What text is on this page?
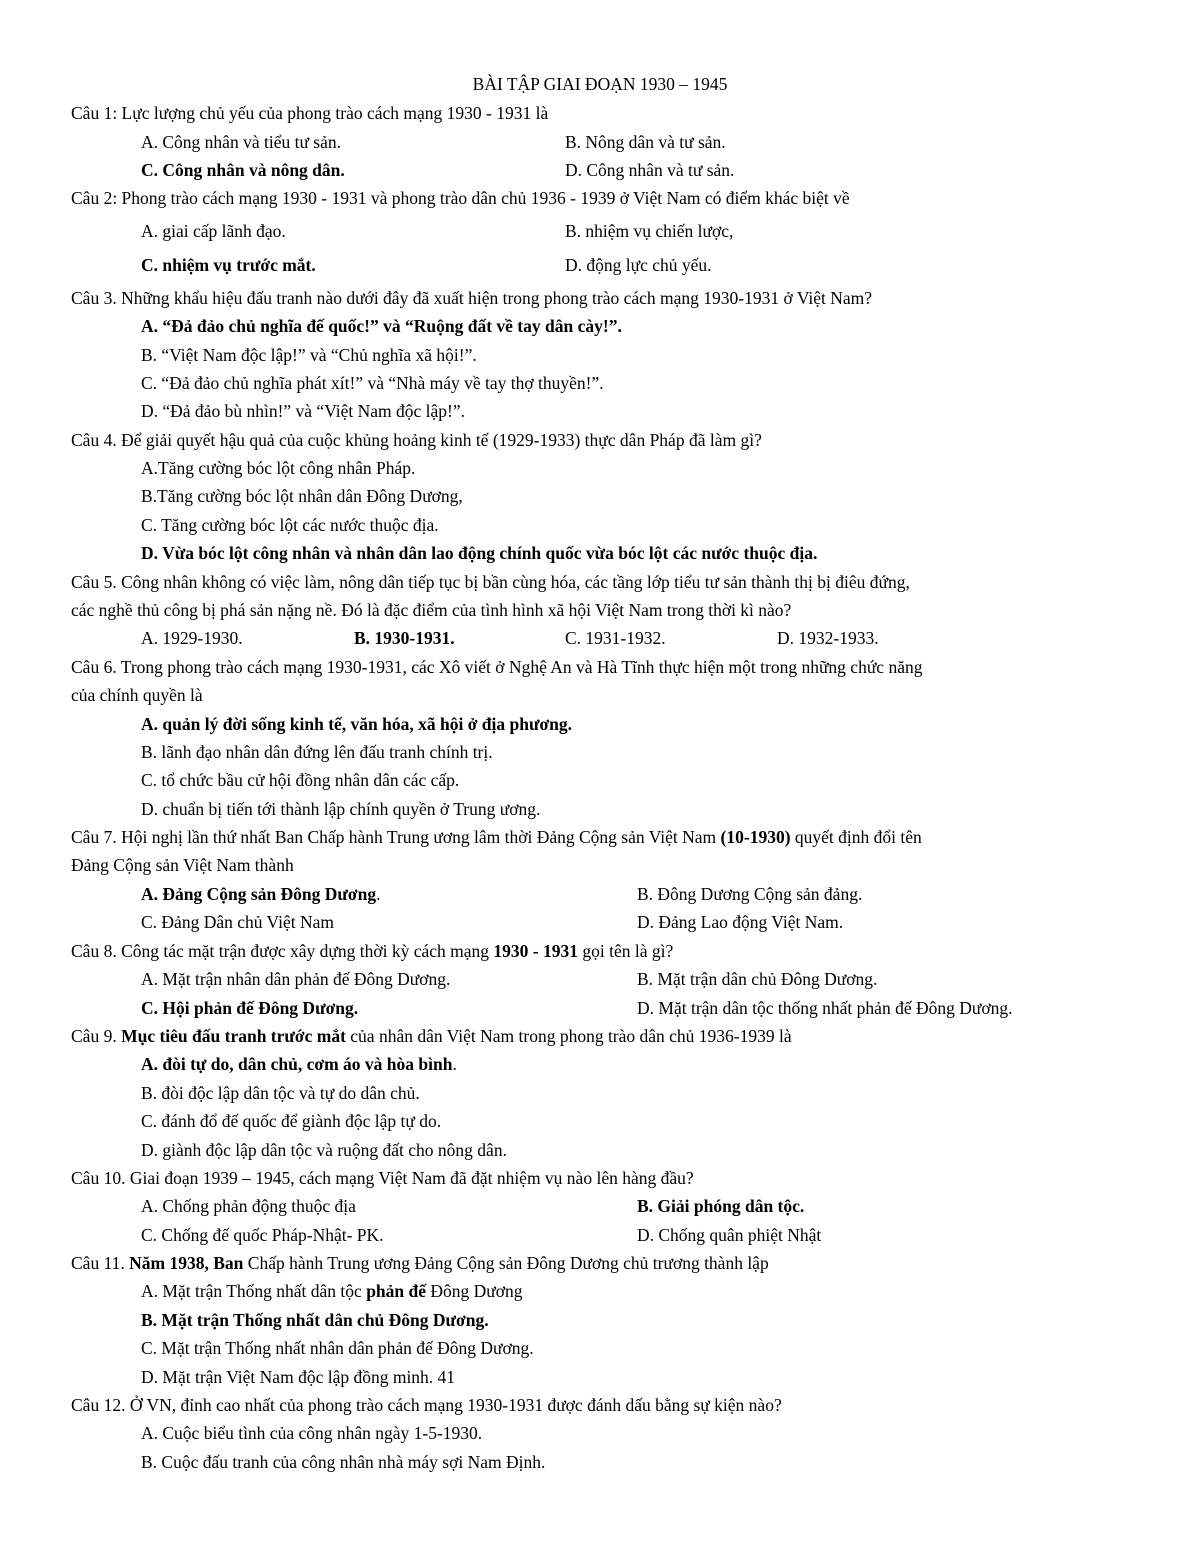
BÀI TẬP GIAI ĐOẠN 1930 – 1945
Câu 1: Lực lượng chủ yếu của phong trào cách mạng 1930 - 1931 là
A. Công nhân và tiểu tư sản.	B. Nông dân và tư sản.
C. Công nhân và nông dân.	D. Công nhân và tư sản.
Câu 2: Phong trào cách mạng 1930 - 1931 và phong trào dân chủ 1936 - 1939 ở Việt Nam có điểm khác biệt về
A. giai cấp lãnh đạo.	B. nhiệm vụ chiến lược,
C. nhiệm vụ trước mắt.	D. động lực chủ yếu.
Câu 3. Những khẩu hiệu đấu tranh nào dưới đây đã xuất hiện trong phong trào cách mạng 1930-1931 ở Việt Nam?
A. “Đả đảo chủ nghĩa đế quốc!” và “Ruộng đất về tay dân cày!”.
B. “Việt Nam độc lập!” và “Chủ nghĩa xã hội!”.
C. “Đả đảo chủ nghĩa phát xít!” và “Nhà máy về tay thợ thuyền!”.
D. “Đả đảo bù nhìn!” và “Việt Nam độc lập!”.
Câu 4. Để giải quyết hậu quả của cuộc khủng hoảng kinh tế (1929-1933) thực dân Pháp đã làm gì?
A.Tăng cường bóc lột công nhân Pháp.
B.Tăng cường bóc lột nhân dân Đông Dương,
C. Tăng cường bóc lột các nước thuộc địa.
D. Vừa bóc lột công nhân và nhân dân lao động chính quốc vừa bóc lột các nước thuộc địa.
Câu 5. Công nhân không có việc làm, nông dân tiếp tục bị bần cùng hóa, các tầng lớp tiểu tư sản thành thị bị điêu đứng,
các nghề thủ công bị phá sản nặng nề. Đó là đặc điểm của tình hình xã hội Việt Nam trong thời kì nào?
A. 1929-1930.	B. 1930-1931.	C. 1931-1932.	D. 1932-1933.
Câu 6. Trong phong trào cách mạng 1930-1931, các Xô viết ở Nghệ An và Hà Tĩnh thực hiện một trong những chức năng
của chính quyền là
A. quản lý đời sống kinh tế, văn hóa, xã hội ở địa phương.
B. lãnh đạo nhân dân đứng lên đấu tranh chính trị.
C. tổ chức bầu cử hội đồng nhân dân các cấp.
D. chuẩn bị tiến tới thành lập chính quyền ở Trung ương.
Câu 7. Hội nghị lần thứ nhất Ban Chấp hành Trung ương lâm thời Đảng Cộng sản Việt Nam (10-1930) quyết định đổi tên
Đảng Cộng sản Việt Nam thành
A. Đảng Cộng sản Đông Dương.	B. Đông Dương Cộng sản đảng.
C. Đảng Dân chủ Việt Nam	D. Đảng Lao động Việt Nam.
Câu 8. Công tác mặt trận được xây dựng thời kỳ cách mạng 1930 - 1931 gọi tên là gì?
A. Mặt trận nhân dân phản đế Đông Dương.	B. Mặt trận dân chủ Đông Dương.
C. Hội phản đế Đông Dương.	D. Mặt trận dân tộc thống nhất phản đế Đông Dương.
Câu 9. Mục tiêu đấu tranh trước mắt của nhân dân Việt Nam trong phong trào dân chủ 1936-1939 là
A. đòi tự do, dân chủ, cơm áo và hòa bình.
B. đòi độc lập dân tộc và tự do dân chủ.
C. đánh đổ đế quốc để giành độc lập tự do.
D. giành độc lập dân tộc và ruộng đất cho nông dân.
Câu 10. Giai đoạn 1939 – 1945, cách mạng Việt Nam đã đặt nhiệm vụ nào lên hàng đầu?
A. Chống phản động thuộc địa	B. Giải phóng dân tộc.
C. Chống đế quốc Pháp-Nhật- PK.	D. Chống quân phiệt Nhật
Câu 11. Năm 1938, Ban Chấp hành Trung ương Đảng Cộng sản Đông Dương chủ trương thành lập
A. Mặt trận Thống nhất dân tộc phản đế Đông Dương
B. Mặt trận Thống nhất dân chủ Đông Dương.
C. Mặt trận Thống nhất nhân dân phản đế Đông Dương.
D. Mặt trận Việt Nam độc lập đồng minh. 41
Câu 12. Ở VN, đỉnh cao nhất của phong trào cách mạng 1930-1931 được đánh dấu bằng sự kiện nào?
A. Cuộc biểu tình của công nhân ngày 1-5-1930.
B. Cuộc đấu tranh của công nhân nhà máy sợi Nam Định.
